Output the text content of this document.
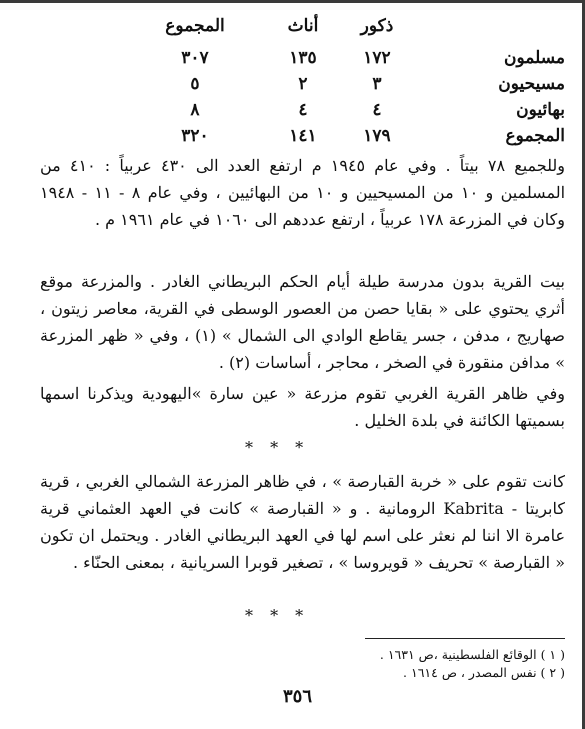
ذكور
أناث
المجموع
مسلمون
١٧٢
١٣٥
٣٠٧
مسيحيون
٣
٢
٥
بهائيون
٤
٤
٨
المجموع
١٧٩
١٤١
٣٢٠

وللجميع ٧٨ بيتاً . وفي عام ١٩٤٥ م ارتفع العدد الى ٤٣٠ عربياً : ٤١٠ من المسلمين و ١٠ من المسيحيين و ١٠ من البهائيين ، وفي عام ٨ - ١١ - ١٩٤٨ وكان في المزرعة ١٧٨ عربياً ، ارتفع عددهم الى ١٠٦٠ في عام ١٩٦١ م .

بيت القرية بدون مدرسة طيلة أيام الحكم البريطاني الغادر . والمزرعة موقع أثري يحتوي على « بقايا حصن من العصور الوسطى في القرية، معاصر زيتون ، صهاريج ، مدفن ، جسر يقاطع الوادي الى الشمال » (١) ، وفي « ظهر المزرعة » مدافن منقورة في الصخر ، محاجر ، أساسات (٢) .

وفي ظاهر القرية الغربي تقوم مزرعة « عين سارة »اليهودية ويذكرنا اسمها بسميتها الكائنة في بلدة الخليل .

* * *

كانت تقوم على « خربة القبارصة » ، في ظاهر المزرعة الشمالي الغربي ، قرية كابريتا - Kabrita الرومانية . و « القبارصة » كانت في العهد العثماني قرية عامرة الا اننا لم نعثر على اسم لها في العهد البريطاني الغادر . ويحتمل ان تكون « القبارصة » تحريف « قويروسا » ، تصغير قوبرا السريانية ، بمعنى الحنّاء .

* * *
( ١ ) الوقائع الفلسطينية ،ص ١٦٣١ .
( ٢ ) نفس المصدر ، ص ١٦١٤ .
٣٥٦
